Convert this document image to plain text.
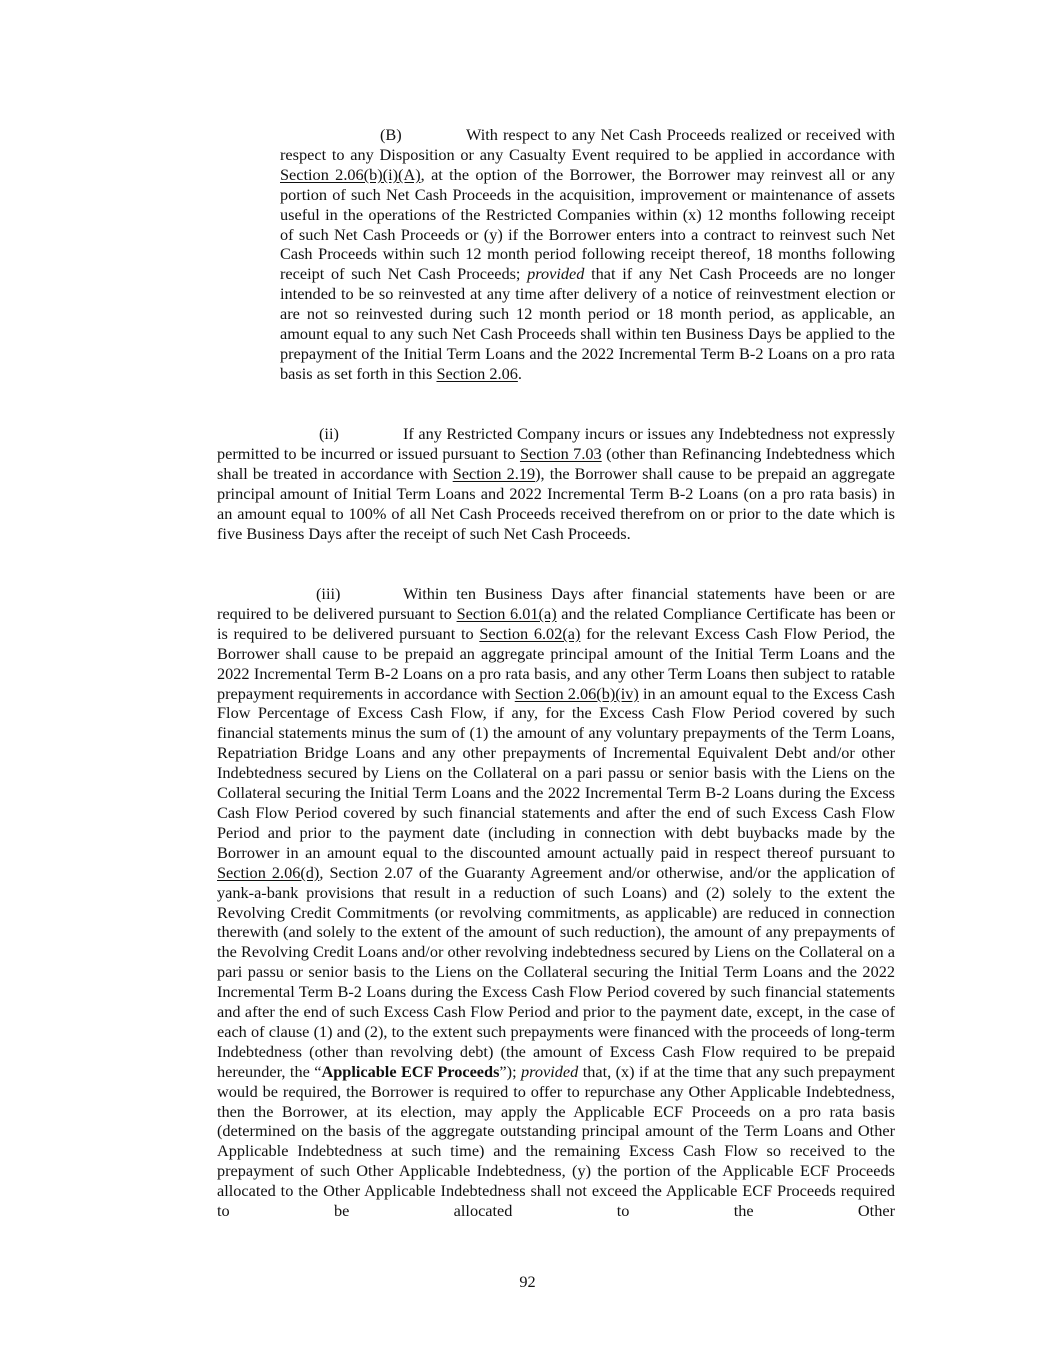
(B)	With respect to any Net Cash Proceeds realized or received with respect to any Disposition or any Casualty Event required to be applied in accordance with Section 2.06(b)(i)(A), at the option of the Borrower, the Borrower may reinvest all or any portion of such Net Cash Proceeds in the acquisition, improvement or maintenance of assets useful in the operations of the Restricted Companies within (x) 12 months following receipt of such Net Cash Proceeds or (y) if the Borrower enters into a contract to reinvest such Net Cash Proceeds within such 12 month period following receipt thereof, 18 months following receipt of such Net Cash Proceeds; provided that if any Net Cash Proceeds are no longer intended to be so reinvested at any time after delivery of a notice of reinvestment election or are not so reinvested during such 12 month period or 18 month period, as applicable, an amount equal to any such Net Cash Proceeds shall within ten Business Days be applied to the prepayment of the Initial Term Loans and the 2022 Incremental Term B-2 Loans on a pro rata basis as set forth in this Section 2.06.

(ii)	If any Restricted Company incurs or issues any Indebtedness not expressly permitted to be incurred or issued pursuant to Section 7.03 (other than Refinancing Indebtedness which shall be treated in accordance with Section 2.19), the Borrower shall cause to be prepaid an aggregate principal amount of Initial Term Loans and 2022 Incremental Term B-2 Loans (on a pro rata basis) in an amount equal to 100% of all Net Cash Proceeds received therefrom on or prior to the date which is five Business Days after the receipt of such Net Cash Proceeds.

(iii)	Within ten Business Days after financial statements have been or are required to be delivered pursuant to Section 6.01(a) and the related Compliance Certificate has been or is required to be delivered pursuant to Section 6.02(a) for the relevant Excess Cash Flow Period, the Borrower shall cause to be prepaid an aggregate principal amount of the Initial Term Loans and the 2022 Incremental Term B-2 Loans on a pro rata basis, and any other Term Loans then subject to ratable prepayment requirements in accordance with Section 2.06(b)(iv) in an amount equal to the Excess Cash Flow Percentage of Excess Cash Flow, if any, for the Excess Cash Flow Period covered by such financial statements minus the sum of (1) the amount of any voluntary prepayments of the Term Loans, Repatriation Bridge Loans and any other prepayments of Incremental Equivalent Debt and/or other Indebtedness secured by Liens on the Collateral on a pari passu or senior basis with the Liens on the Collateral securing the Initial Term Loans and the 2022 Incremental Term B-2 Loans during the Excess Cash Flow Period covered by such financial statements and after the end of such Excess Cash Flow Period and prior to the payment date (including in connection with debt buybacks made by the Borrower in an amount equal to the discounted amount actually paid in respect thereof pursuant to Section 2.06(d), Section 2.07 of the Guaranty Agreement and/or otherwise, and/or the application of yank-a-bank provisions that result in a reduction of such Loans) and (2) solely to the extent the Revolving Credit Commitments (or revolving commitments, as applicable) are reduced in connection therewith (and solely to the extent of the amount of such reduction), the amount of any prepayments of the Revolving Credit Loans and/or other revolving indebtedness secured by Liens on the Collateral on a pari passu or senior basis to the Liens on the Collateral securing the Initial Term Loans and the 2022 Incremental Term B-2 Loans during the Excess Cash Flow Period covered by such financial statements and after the end of such Excess Cash Flow Period and prior to the payment date, except, in the case of each of clause (1) and (2), to the extent such prepayments were financed with the proceeds of long-term Indebtedness (other than revolving debt) (the amount of Excess Cash Flow required to be prepaid hereunder, the “Applicable ECF Proceeds”); provided that, (x) if at the time that any such prepayment would be required, the Borrower is required to offer to repurchase any Other Applicable Indebtedness, then the Borrower, at its election, may apply the Applicable ECF Proceeds on a pro rata basis (determined on the basis of the aggregate outstanding principal amount of the Term Loans and Other Applicable Indebtedness at such time) and the remaining Excess Cash Flow so received to the prepayment of such Other Applicable Indebtedness, (y) the portion of the Applicable ECF Proceeds allocated to the Other Applicable Indebtedness shall not exceed the Applicable ECF Proceeds required to be allocated to the Other

92
